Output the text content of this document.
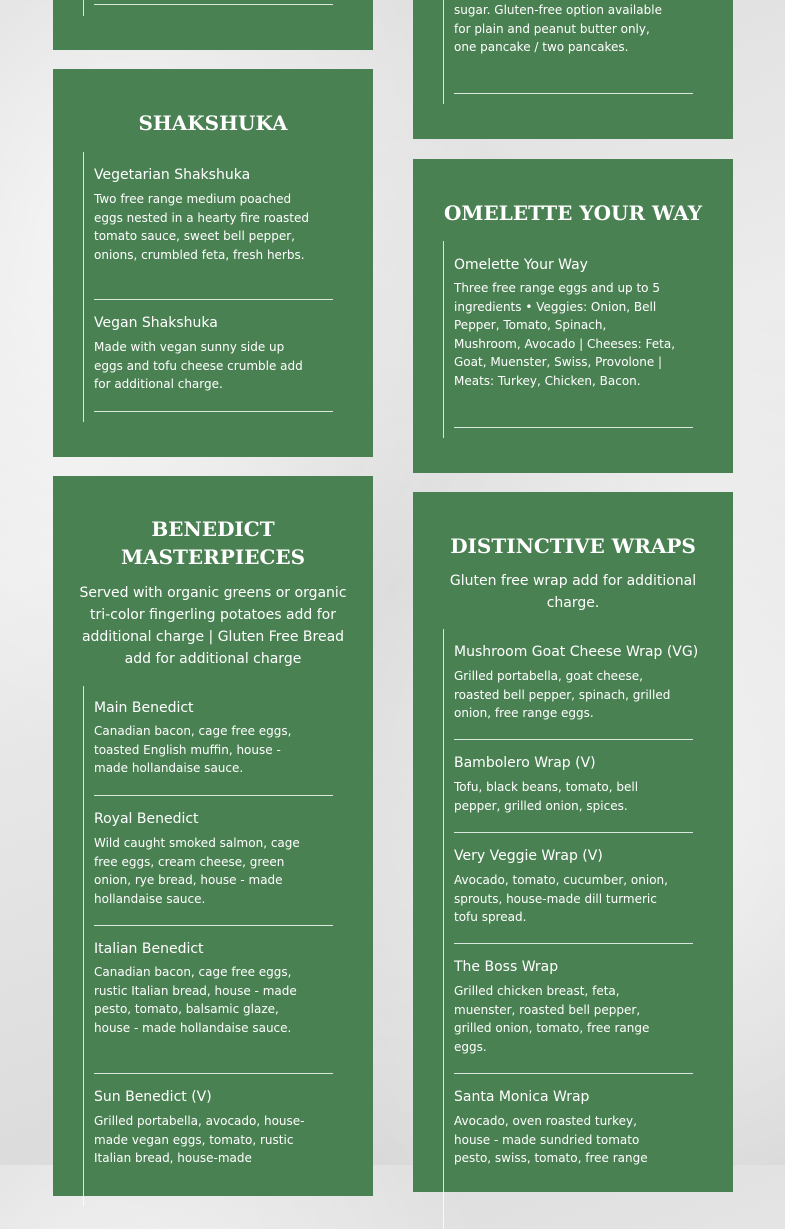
SHAKSHUKA
Vegetarian Shakshuka
Two free range medium poached eggs nested in a hearty fire roasted tomato sauce, sweet bell pepper, onions, crumbled feta, fresh herbs.
Vegan Shakshuka
Made with vegan sunny side up eggs and tofu cheese crumble add for additional charge.
BENEDICT MASTERPIECES
Served with organic greens or organic tri-color fingerling potatoes add for additional charge | Gluten Free Bread add for additional charge
Main Benedict
Canadian bacon, cage free eggs, toasted English muffin, house - made hollandaise sauce.
Royal Benedict
Wild caught smoked salmon, cage free eggs, cream cheese, green onion, rye bread, house - made hollandaise sauce.
Italian Benedict
Canadian bacon, cage free eggs, rustic Italian bread, house - made pesto, tomato, balsamic glaze, house - made hollandaise sauce.
Sun Benedict (V)
Grilled portabella, avocado, house-made vegan eggs, tomato, rustic Italian bread, house-made
sugar. Gluten-free option available for plain and peanut butter only, one pancake / two pancakes.
OMELETTE YOUR WAY
Omelette Your Way
Three free range eggs and up to 5 ingredients • Veggies: Onion, Bell Pepper, Tomato, Spinach, Mushroom, Avocado | Cheeses: Feta, Goat, Muenster, Swiss, Provolone | Meats: Turkey, Chicken, Bacon.
DISTINCTIVE WRAPS
Gluten free wrap add for additional charge.
Mushroom Goat Cheese Wrap (VG)
Grilled portabella, goat cheese, roasted bell pepper, spinach, grilled onion, free range eggs.
Bambolero Wrap (V)
Tofu, black beans, tomato, bell pepper, grilled onion, spices.
Very Veggie Wrap (V)
Avocado, tomato, cucumber, onion, sprouts, house-made dill turmeric tofu spread.
The Boss Wrap
Grilled chicken breast, feta, muenster, roasted bell pepper, grilled onion, tomato, free range eggs.
Santa Monica Wrap
Avocado, oven roasted turkey, house - made sundried tomato pesto, swiss, tomato, free range
